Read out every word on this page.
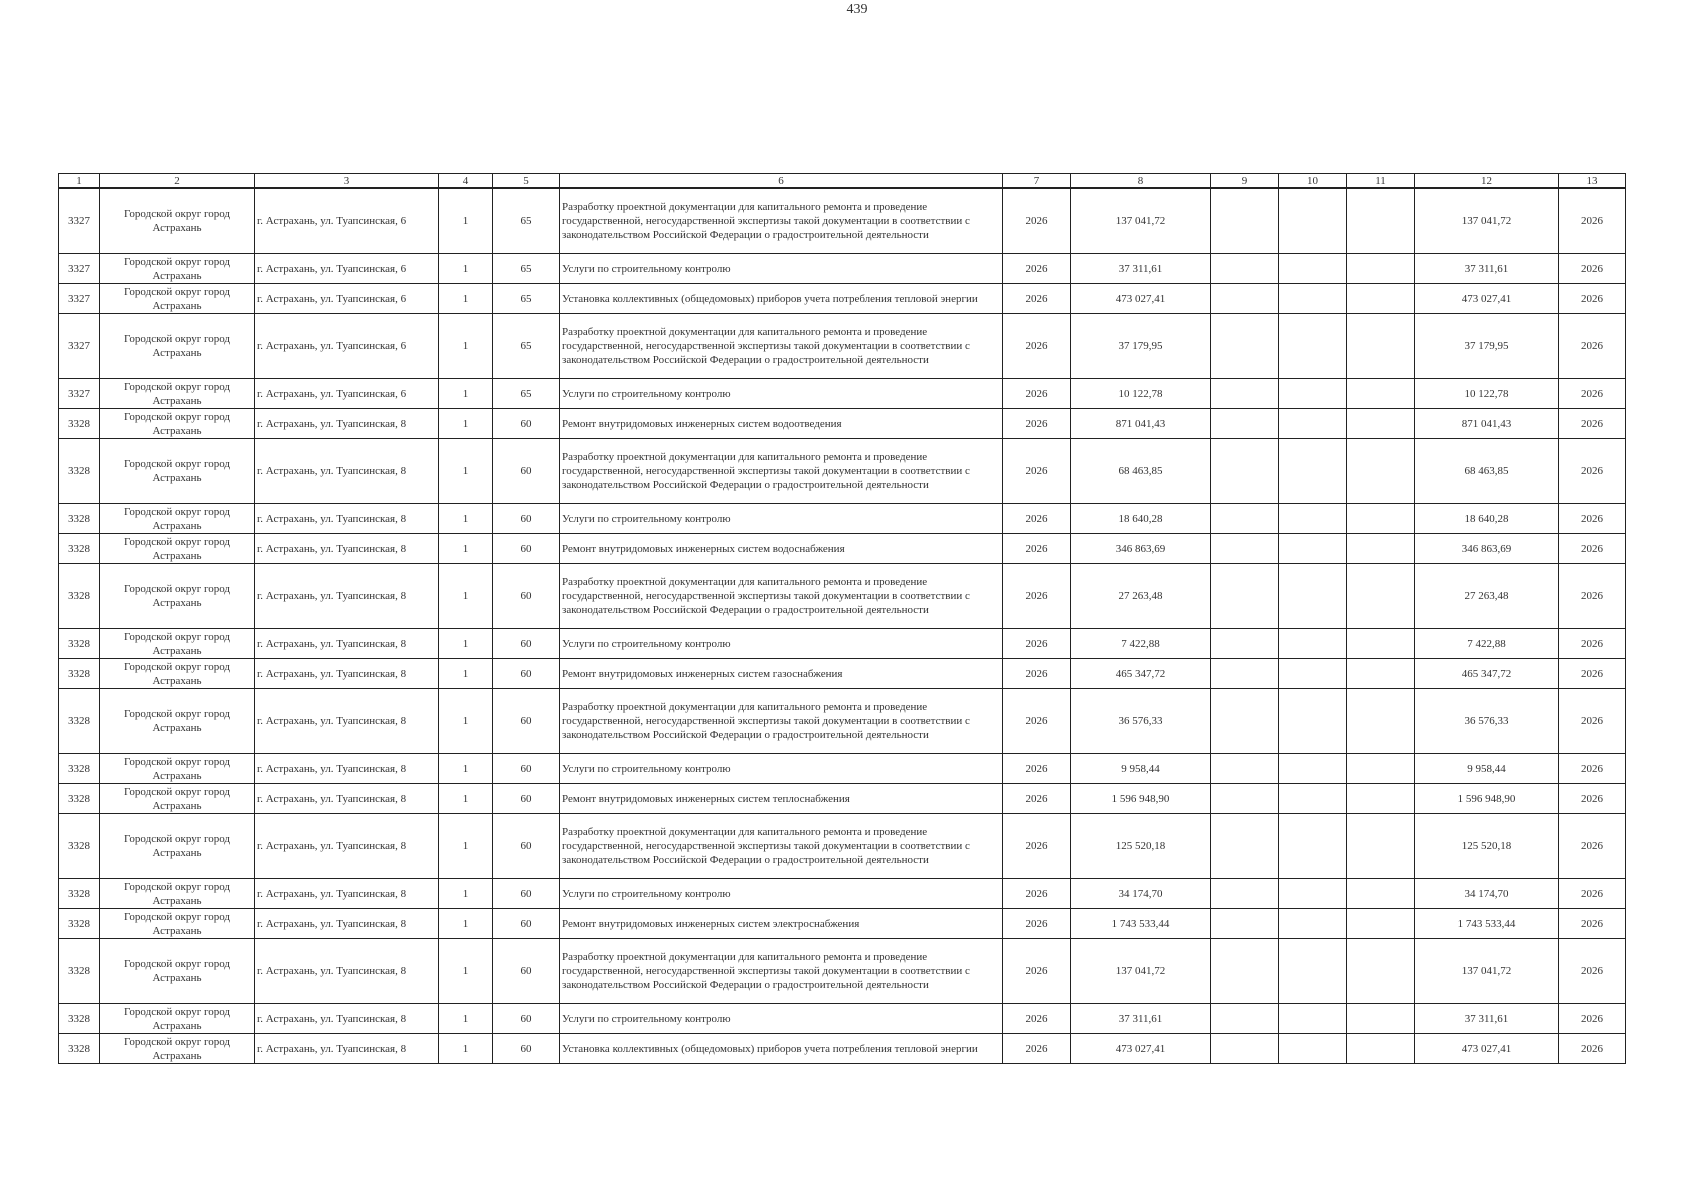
439
1	2	3	4	5	6	7	8	9	10	11	12	13
3327	Городской округ город Астрахань	г. Астрахань, ул. Туапсинская, 6	1	65	Разработку проектной документации для капитального ремонта и проведение государственной, негосударственной экспертизы такой документации в соответствии с законодательством Российской Федерации о градостроительной деятельности	2026	137 041,72				137 041,72	2026
3327	Городской округ город Астрахань	г. Астрахань, ул. Туапсинская, 6	1	65	Услуги по строительному контролю	2026	37 311,61				37 311,61	2026
3327	Городской округ город Астрахань	г. Астрахань, ул. Туапсинская, 6	1	65	Установка коллективных (общедомовых) приборов учета потребления тепловой энергии	2026	473 027,41				473 027,41	2026
3327	Городской округ город Астрахань	г. Астрахань, ул. Туапсинская, 6	1	65	Разработку проектной документации для капитального ремонта и проведение государственной, негосударственной экспертизы такой документации в соответствии с законодательством Российской Федерации о градостроительной деятельности	2026	37 179,95				37 179,95	2026
3327	Городской округ город Астрахань	г. Астрахань, ул. Туапсинская, 6	1	65	Услуги по строительному контролю	2026	10 122,78				10 122,78	2026
3328	Городской округ город Астрахань	г. Астрахань, ул. Туапсинская, 8	1	60	Ремонт внутридомовых инженерных систем водоотведения	2026	871 041,43				871 041,43	2026
3328	Городской округ город Астрахань	г. Астрахань, ул. Туапсинская, 8	1	60	Разработку проектной документации для капитального ремонта и проведение государственной, негосударственной экспертизы такой документации в соответствии с законодательством Российской Федерации о градостроительной деятельности	2026	68 463,85				68 463,85	2026
3328	Городской округ город Астрахань	г. Астрахань, ул. Туапсинская, 8	1	60	Услуги по строительному контролю	2026	18 640,28				18 640,28	2026
3328	Городской округ город Астрахань	г. Астрахань, ул. Туапсинская, 8	1	60	Ремонт внутридомовых инженерных систем водоснабжения	2026	346 863,69				346 863,69	2026
3328	Городской округ город Астрахань	г. Астрахань, ул. Туапсинская, 8	1	60	Разработку проектной документации для капитального ремонта и проведение государственной, негосударственной экспертизы такой документации в соответствии с законодательством Российской Федерации о градостроительной деятельности	2026	27 263,48				27 263,48	2026
3328	Городской округ город Астрахань	г. Астрахань, ул. Туапсинская, 8	1	60	Услуги по строительному контролю	2026	7 422,88				7 422,88	2026
3328	Городской округ город Астрахань	г. Астрахань, ул. Туапсинская, 8	1	60	Ремонт внутридомовых инженерных систем газоснабжения	2026	465 347,72				465 347,72	2026
3328	Городской округ город Астрахань	г. Астрахань, ул. Туапсинская, 8	1	60	Разработку проектной документации для капитального ремонта и проведение государственной, негосударственной экспертизы такой документации в соответствии с законодательством Российской Федерации о градостроительной деятельности	2026	36 576,33				36 576,33	2026
3328	Городской округ город Астрахань	г. Астрахань, ул. Туапсинская, 8	1	60	Услуги по строительному контролю	2026	9 958,44				9 958,44	2026
3328	Городской округ город Астрахань	г. Астрахань, ул. Туапсинская, 8	1	60	Ремонт внутридомовых инженерных систем теплоснабжения	2026	1 596 948,90				1 596 948,90	2026
3328	Городской округ город Астрахань	г. Астрахань, ул. Туапсинская, 8	1	60	Разработку проектной документации для капитального ремонта и проведение государственной, негосударственной экспертизы такой документации в соответствии с законодательством Российской Федерации о градостроительной деятельности	2026	125 520,18				125 520,18	2026
3328	Городской округ город Астрахань	г. Астрахань, ул. Туапсинская, 8	1	60	Услуги по строительному контролю	2026	34 174,70				34 174,70	2026
3328	Городской округ город Астрахань	г. Астрахань, ул. Туапсинская, 8	1	60	Ремонт внутридомовых инженерных систем электроснабжения	2026	1 743 533,44				1 743 533,44	2026
3328	Городской округ город Астрахань	г. Астрахань, ул. Туапсинская, 8	1	60	Разработку проектной документации для капитального ремонта и проведение государственной, негосударственной экспертизы такой документации в соответствии с законодательством Российской Федерации о градостроительной деятельности	2026	137 041,72				137 041,72	2026
3328	Городской округ город Астрахань	г. Астрахань, ул. Туапсинская, 8	1	60	Услуги по строительному контролю	2026	37 311,61				37 311,61	2026
3328	Городской округ город Астрахань	г. Астрахань, ул. Туапсинская, 8	1	60	Установка коллективных (общедомовых) приборов учета потребления тепловой энергии	2026	473 027,41				473 027,41	2026
